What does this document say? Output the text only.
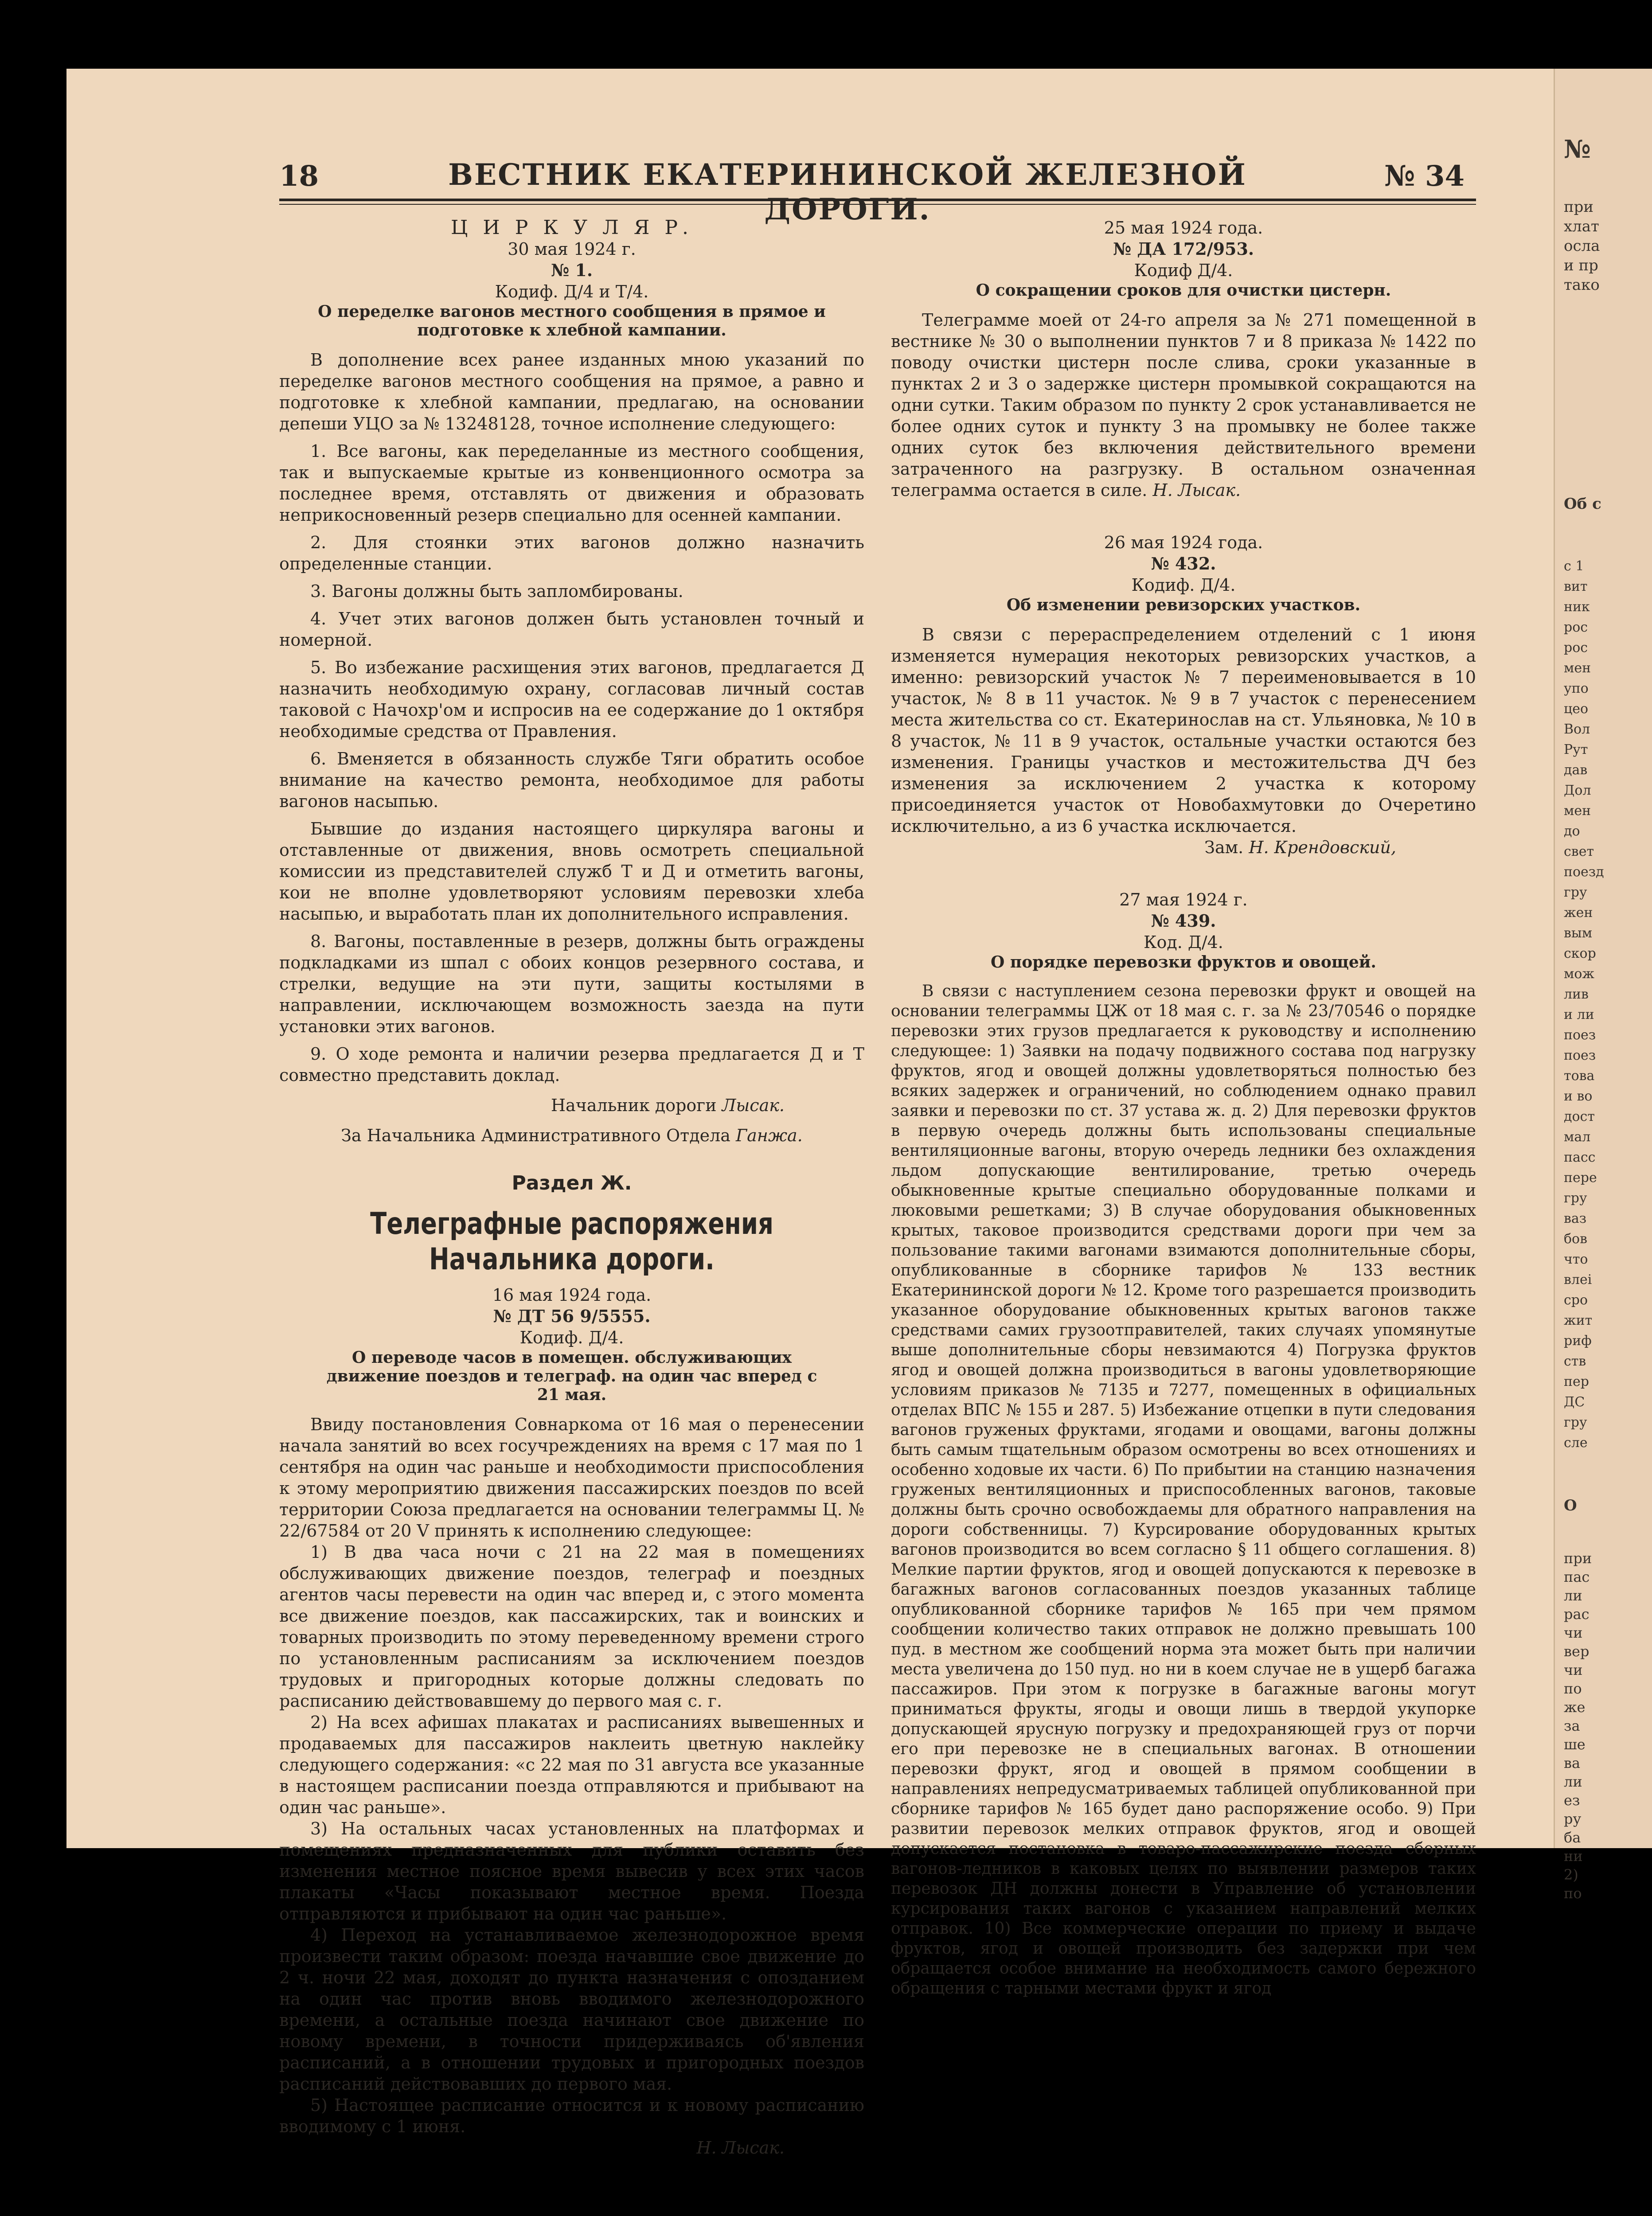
№
при
хлат
осла
и пр
тако
Об с
с 1
вит
ник
рос
рос
мен
упо
цео
Вол
Рут
дав
Дол
мен
до
свет
поезд
гру
жен
вым
скор
мож
лив
и ли
поез
поез
това
и во
дост
мал
пасс
пере
гру
ваз
бов
что
влеі
сро
жит
риф
ств
пер
ДС
гру
сле
О
при
пас
ли
рас
чи
вер
чи
по
же
за
ше
ва
ли
ез
ру
ба
ни
2)
по
18	ВЕСТНИК ЕКАТЕРИНИНСКОЙ ЖЕЛЕЗНОЙ ДОРОГИ.
№ 34

Ц И Р К У Л Я Р.

30 мая 1924 г.

№ 1.

Кодиф. Д/4 и Т/4.

О переделке вагонов местного сообщения в прямое и подготовке к хлебной кампании.

В дополнение всех ранее изданных мною указаний по переделке вагонов местного сообщения на прямое, а равно и подготовке к хлебной кампании, предлагаю, на основании депеши УЦО за № 13248128, точное исполнение следующего:

1. Все вагоны, как переделанные из местного сообщения, так и выпускаемые крытые из конвенционного осмотра за последнее время, отставлять от движения и образовать неприкосновенный резерв специально для осенней кампании.

2. Для стоянки этих вагонов должно назначить определенные станции.

3. Вагоны должны быть запломбированы.

4. Учет этих вагонов должен быть установлен точный и номерной.

5. Во избежание расхищения этих вагонов, предлагается Д назначить необходимую охрану, согласовав личный состав таковой с Начохр'ом и испросив на ее содержание до 1 октября необходимые средства от Правления.

6. Вменяется в обязанность службе Тяги обратить особое внимание на качество ремонта, необходимое для работы вагонов насыпью.

Бывшие до издания настоящего циркуляра вагоны и отставленные от движения, вновь осмотреть специальной комиссии из представителей служб Т и Д и отметить вагоны, кои не вполне удовлетворяют условиям перевозки хлеба насыпью, и выработать план их дополнительного исправления.

8. Вагоны, поставленные в резерв, должны быть ограждены подкладками из шпал с обоих концов резервного состава, и стрелки, ведущие на эти пути, защиты костылями в направлении, исключающем возможность заезда на пути установки этих вагонов.

9. О ходе ремонта и наличии резерва предлагается Д и Т совместно представить доклад.

Начальник дороги Лысак.

За Начальника Административного Отдела Ганжа.

Раздел Ж.
Телеграфные распоряжения Начальника дороги.

16 мая 1924 года.

№ ДТ 56 9/5555.

Кодиф. Д/4.

О переводе часов в помещен. обслуживающих движение поездов и телеграф. на один час вперед с 21 мая.

Ввиду постановления Совнаркома от 16 мая о перенесении начала занятий во всех госучреждениях на время с 17 мая по 1 сентября на один час раньше и необходимости приспособления к этому мероприятию движения пассажирских поездов по всей территории Союза предлагается на основании телеграммы Ц. № 22/67584 от 20 V принять к исполнению следующее:

1) В два часа ночи с 21 на 22 мая в помещениях обслуживающих движение поездов, телеграф и поездных агентов часы перевести на один час вперед и, с этого момента все движение поездов, как пассажирских, так и воинских и товарных производить по этому переведенному времени строго по установленным расписаниям за исключением поездов трудовых и пригородных которые должны следовать по расписанию действовавшему до первого мая с. г.

2) На всех афишах плакатах и расписаниях вывешенных и продаваемых для пассажиров наклеить цветную наклейку следующего содержания: «с 22 мая по 31 августа все указанные в настоящем расписании поезда отправляются и прибывают на один час раньше».

3) На остальных часах установленных на платформах и помещениях предназначенных для публики оставить без изменения местное поясное время вывесив у всех этих часов плакаты «Часы показывают местное время. Поезда отправляются и прибывают на один час раньше».

4) Переход на устанавливаемое железнодорожное время произвести таким образом: поезда начавшие свое движение до 2 ч. ночи 22 мая, доходят до пункта назначения с опозданием на один час против вновь вводимого железнодорожного времени, а остальные поезда начинают свое движение по новому времени, в точности придерживаясь об'явления расписаний, а в отношении трудовых и пригородных поездов расписаний действовавших до первого мая.

5) Настоящее расписание относится и к новому расписанию вводимому с 1 июня.

Н. Лысак.

25 мая 1924 года.

№ ДА 172/953.

Кодиф Д/4.

О сокращении сроков для очистки цистерн.

Телеграмме моей от 24-го апреля за № 271 помещенной в вестнике № 30 о выполнении пунктов 7 и 8 приказа № 1422 по поводу очистки цистерн после слива, сроки указанные в пунктах 2 и 3 о задержке цистерн промывкой сокращаются на одни сутки. Таким образом по пункту 2 срок устанавливается не более одних суток и пункту 3 на промывку не более также одних суток без включения действительного времени затраченного на разгрузку. В остальном означенная телеграмма остается в силе. Н. Лысак.

26 мая 1924 года.

№ 432.

Кодиф. Д/4.

Об изменении ревизорских участков.

В связи с перераспределением отделений с 1 июня изменяется нумерация некоторых ревизорских участков, а именно: ревизорский участок № 7 переименовывается в 10 участок, № 8 в 11 участок. № 9 в 7 участок с перенесением места жительства со ст. Екатеринослав на ст. Ульяновка, № 10 в 8 участок, № 11 в 9 участок, остальные участки остаются без изменения. Границы участков и местожительства ДЧ без изменения за исключением 2 участка к которому присоединяется участок от Новобахмутовки до Очеретино исключительно, а из 6 участка исключается.

Зам. Н. Крендовский,

27 мая 1924 г.

№ 439.

Код. Д/4.

О порядке перевозки фруктов и овощей.

В связи с наступлением сезона перевозки фрукт и овощей на основании телеграммы ЦЖ от 18 мая с. г. за № 23/70546 о порядке перевозки этих грузов предлагается к руководству и исполнению следующее: 1) Заявки на подачу подвижного состава под нагрузку фруктов, ягод и овощей должны удовлетворяться полностью без всяких задержек и ограничений, но соблюдением однако правил заявки и перевозки по ст. 37 устава ж. д. 2) Для перевозки фруктов в первую очередь должны быть использованы специальные вентиляционные вагоны, вторую очередь ледники без охлаждения льдом допускающие вентилирование, третью очередь обыкновенные крытые специально оборудованные полками и люковыми решетками; 3) В случае оборудования обыкновенных крытых, таковое производится средствами дороги при чем за пользование такими вагонами взимаются дополнительные сборы, опубликованные в сборнике тарифов № 133 вестник Екатерининской дороги № 12. Кроме того разрешается производить указанное оборудование обыкновенных крытых вагонов также средствами самих грузоотправителей, таких случаях упомянутые выше дополнительные сборы невзимаются 4) Погрузка фруктов ягод и овощей должна производиться в вагоны удовлетворяющие условиям приказов № 7135 и 7277, помещенных в официальных отделах ВПС № 155 и 287. 5) Избежание отцепки в пути следования вагонов груженых фруктами, ягодами и овощами, вагоны должны быть самым тщательным образом осмотрены во всех отношениях и особенно ходовые их части. 6) По прибытии на станцию назначения груженых вентиляционных и приспособленных вагонов, таковые должны быть срочно освобождаемы для обратного направления на дороги собственницы. 7) Курсирование оборудованных крытых вагонов производится во всем согласно § 11 общего соглашения. 8) Мелкие партии фруктов, ягод и овощей допускаются к перевозке в багажных вагонов согласованных поездов указанных таблице опубликованной сборнике тарифов № 165 при чем прямом сообщении количество таких отправок не должно превышать 100 пуд. в местном же сообщений норма эта может быть при наличии места увеличена до 150 пуд. но ни в коем случае не в ущерб багажа пассажиров. При этом к погрузке в багажные вагоны могут приниматься фрукты, ягоды и овощи лишь в твердой укупорке допускающей ярусную погрузку и предохраняющей груз от порчи его при перевозке не в специальных вагонах. В отношении перевозки фрукт, ягод и овощей в прямом сообщении в направлениях непредусматриваемых таблицей опубликованной при сборнике тарифов № 165 будет дано распоряжение особо. 9) При развитии перевозок мелких отправок фруктов, ягод и овощей допускается постановка в товаро-пассажирские поезда сборных вагонов-ледников в каковых целях по выявлении размеров таких перевозок ДН должны донести в Управление об установлении курсирования таких вагонов с указанием направлений мелких отправок. 10) Все коммерческие операции по приему и выдаче фруктов, ягод и овощей производить без задержки при чем обращается особое внимание на необходимость самого бережного обращения с тарными местами фрукт и ягод
